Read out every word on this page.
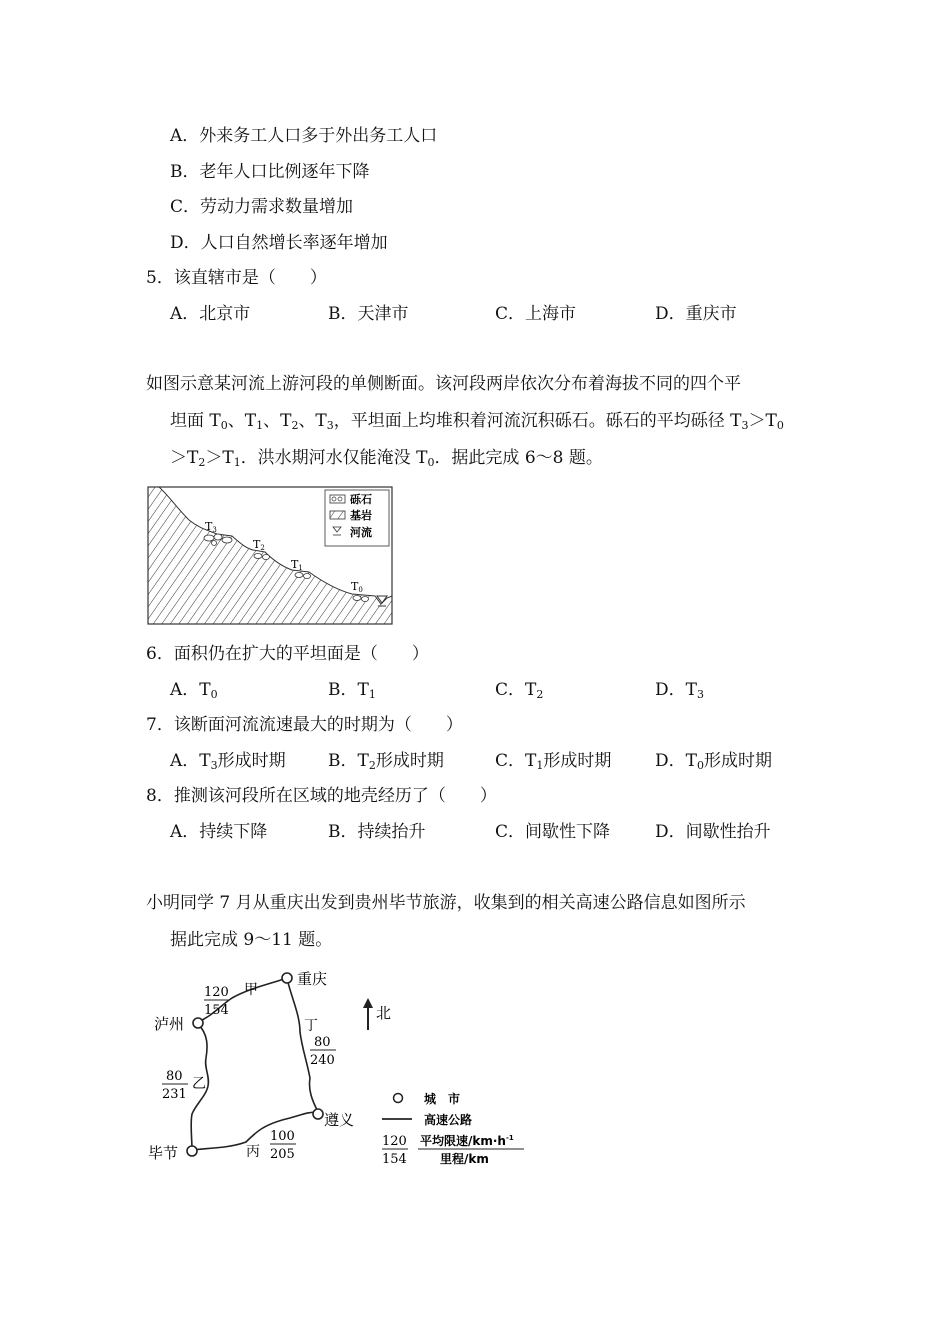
A．外来务工人口多于外出务工人口
B．老年人口比例逐年下降
C．劳动力需求数量增加
D．人口自然增长率逐年增加
5．该直辖市是（　　）
A．北京市	B．天津市	C．上海市	D．重庆市
如图示意某河流上游河段的单侧断面。该河段两岸依次分布着海拔不同的四个平
坦面 $T_0$、$T_1$、$T_2$、$T_3$，平坦面上均堆积着河流沉积砾石。砾石的平均砾径 $T_3>T_0$
$>T_2>T_1$．洪水期河水仅能淹没 $T_0$．据此完成 6～8 题。
T3
T2
T1
T0
砾石
基岩
河流
6．面积仍在扩大的平坦面是（　　）
A．$T_0$	B．$T_1$	C．$T_2$	D．$T_3$
7．该断面河流流速最大的时期为（　　）
A．$T_3$形成时期 B．$T_2$形成时期	C．$T_1$形成时期	D．$T_0$形成时期
8．推测该河段所在区域的地壳经历了（　　）
A．持续下降	B．持续抬升	C．间歇性下降	D．间歇性抬升
小明同学 7 月从重庆出发到贵州毕节旅游，收集到的相关高速公路信息如图所示
据此完成 9～11 题。
重庆
泸州
毕节
遵义
甲
乙
丙
丁
120
154
80
231
100
205
80
240
北
城　市
高速公路
120
154
平均限速$/km\cdot h^{-1}$
里程/km
